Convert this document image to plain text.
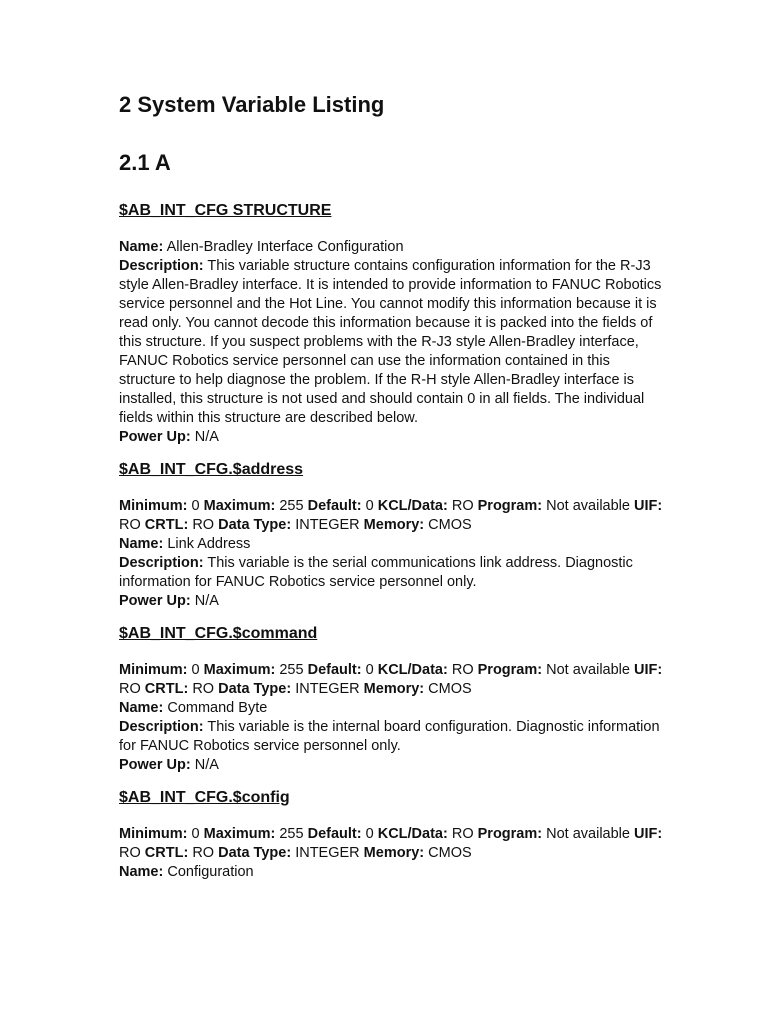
2 System Variable Listing
2.1 A

$AB_INT_CFG STRUCTURE

Name: Allen-Bradley Interface Configuration

Description: This variable structure contains configuration information for the R-J3 style Allen-Bradley interface. It is intended to provide information to FANUC Robotics service personnel and the Hot Line. You cannot modify this information because it is read only. You cannot decode this information because it is packed into the fields of this structure. If you suspect problems with the R-J3 style Allen-Bradley interface, FANUC Robotics service personnel can use the information contained in this structure to help diagnose the problem. If the R-H style Allen-Bradley interface is installed, this structure is not used and should contain 0 in all fields. The individual fields within this structure are described below.

Power Up: N/A

$AB_INT_CFG.$address

Minimum: 0 Maximum: 255 Default: 0 KCL/Data: RO Program: Not available UIF: RO CRTL: RO Data Type: INTEGER Memory: CMOS

Name: Link Address

Description: This variable is the serial communications link address. Diagnostic information for FANUC Robotics service personnel only.

Power Up: N/A

$AB_INT_CFG.$command

Minimum: 0 Maximum: 255 Default: 0 KCL/Data: RO Program: Not available UIF: RO CRTL: RO Data Type: INTEGER Memory: CMOS

Name: Command Byte

Description: This variable is the internal board configuration. Diagnostic information for FANUC Robotics service personnel only.

Power Up: N/A

$AB_INT_CFG.$config

Minimum: 0 Maximum: 255 Default: 0 KCL/Data: RO Program: Not available UIF: RO CRTL: RO Data Type: INTEGER Memory: CMOS

Name: Configuration
